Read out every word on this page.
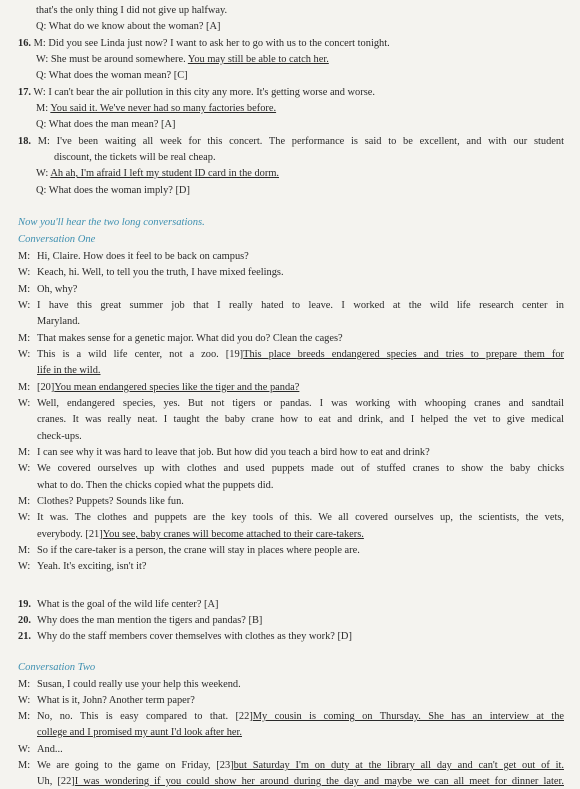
that's the only thing I did not give up halfway.
Q: What do we know about the woman? [A]
16. M: Did you see Linda just now? I want to ask her to go with us to the concert tonight.
W: She must be around somewhere. You may still be able to catch her.
Q: What does the woman mean? [C]
17. W: I can't bear the air pollution in this city any more. It's getting worse and worse.
M: You said it. We've never had so many factories before.
Q: What does the man mean? [A]
18. M: I've been waiting all week for this concert. The performance is said to be excellent, and with our student
discount, the tickets will be real cheap.
W: Ah ah, I'm afraid I left my student ID card in the dorm.
Q: What does the woman imply? [D]
Now you'll hear the two long conversations.
Conversation One
Conversation Two
M: Hi, Claire. How does it feel to be back on campus?
W: Keach, hi. Well, to tell you the truth, I have mixed feelings.
M: Oh, why?
W: I have this great summer job that I really hated to leave. I worked at the wild life research center in
Maryland.
M: That makes sense for a genetic major. What did you do? Clean the cages?
W: This is a wild life center, not a zoo. [19]This place breeds endangered species and tries to prepare them for
life in the wild.
M: [20]You mean endangered species like the tiger and the panda?
W: Well, endangered species, yes. But not tigers or pandas. I was working with whooping cranes and sandtail
cranes. It was really neat. I taught the baby crane how to eat and drink, and I helped the vet to give medical
check-ups.
M: I can see why it was hard to leave that job. But how did you teach a bird how to eat and drink?
W: We covered ourselves up with clothes and used puppets made out of stuffed cranes to show the baby chicks
what to do. Then the chicks copied what the puppets did.
M: Clothes? Puppets? Sounds like fun.
W: It was. The clothes and puppets are the key tools of this. We all covered ourselves up, the scientists, the vets,
everybody. [21]You see, baby cranes will become attached to their care-takers.
M: So if the care-taker is a person, the crane will stay in places where people are.
W: Yeah. It's exciting, isn't it?
M: Susan, I could really use your help this weekend.
W: What is it, John? Another term paper?
M: No, no. This is easy compared to that. [22]My cousin is coming on Thursday. She has an interview at the
college and I promised my aunt I'd look after her.
W: And...
M: We are going to the game on Friday, [23]but Saturday I'm on duty at the library all day and can't get out of it.
Uh, [22]I was wondering if you could show her around during the day and maybe we can all meet for dinner later.
19. What is the goal of the wild life center? [A]
20. Why does the man mention the tigers and pandas? [B]
21. Why do the staff members cover themselves with clothes as they work? [D]
